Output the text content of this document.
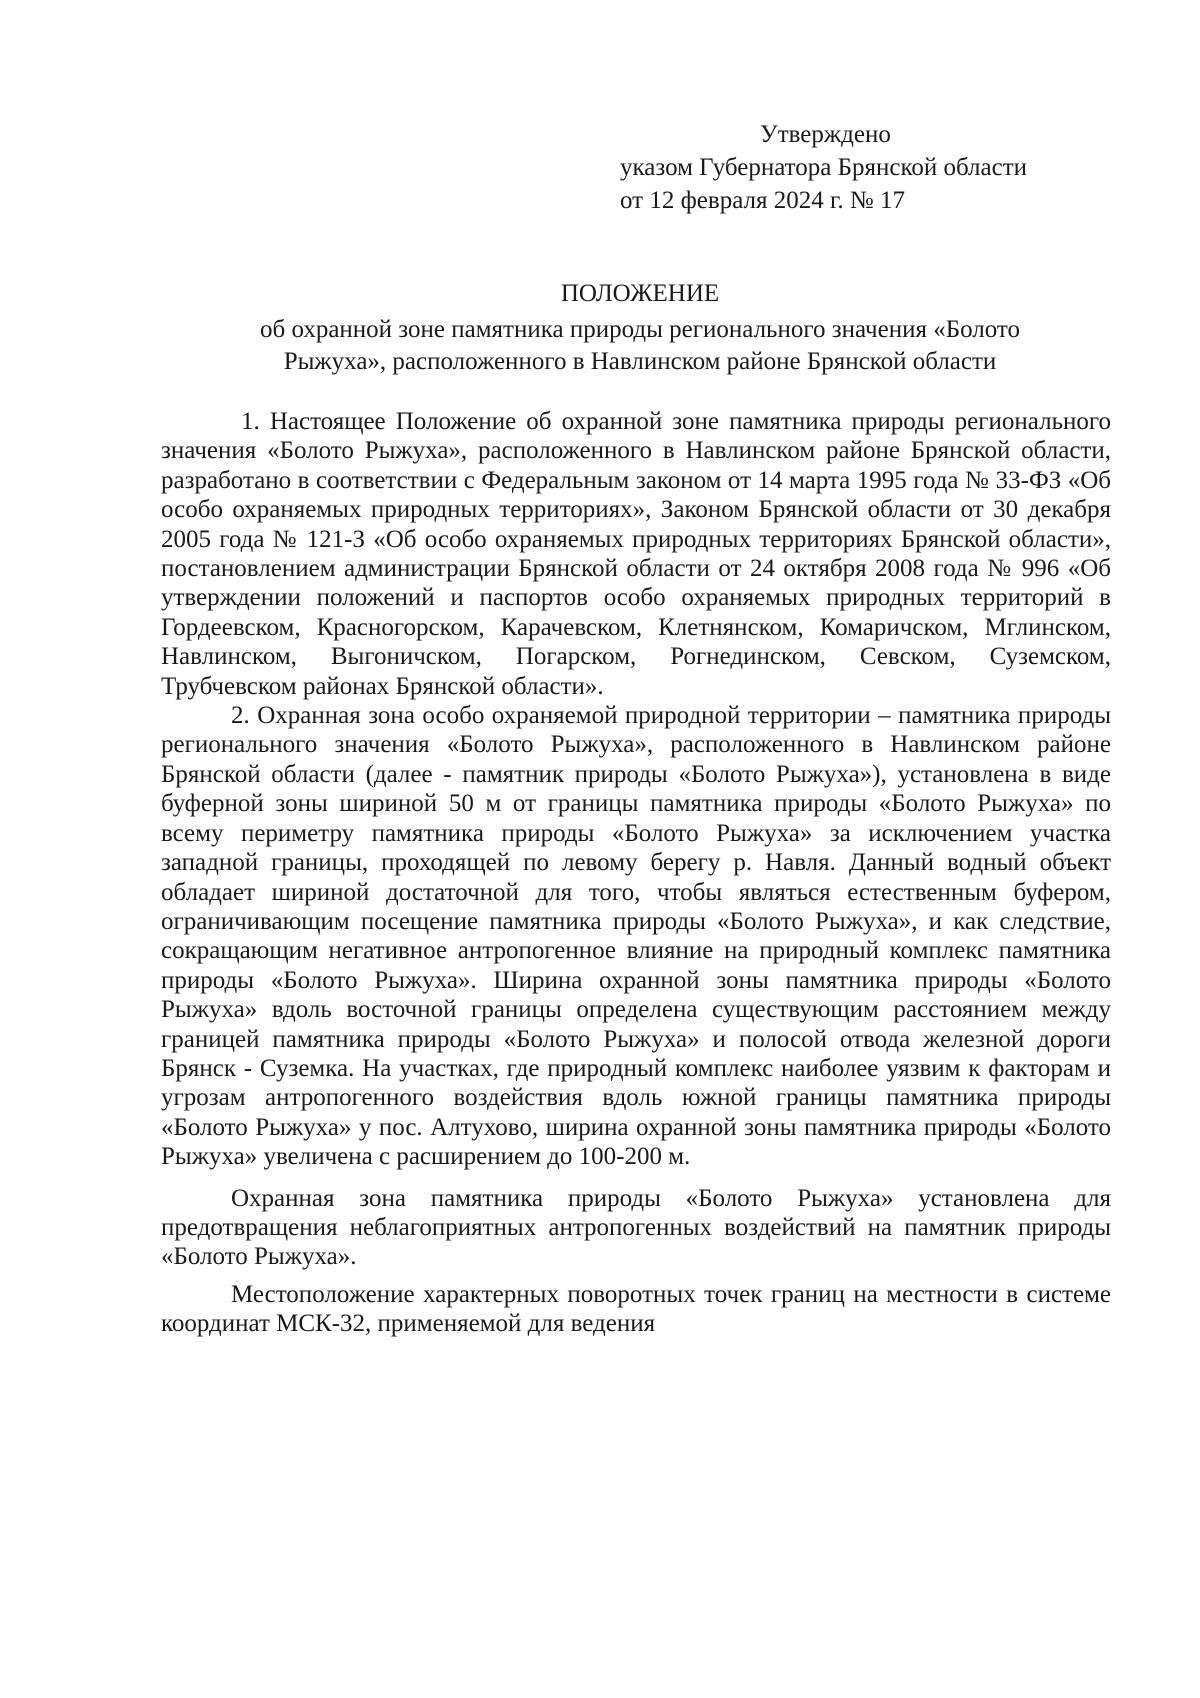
Утверждено
указом Губернатора Брянской области
от 12 февраля 2024 г. № 17
ПОЛОЖЕНИЕ
об охранной зоне памятника природы регионального значения «Болото
Рыжуха», расположенного в Навлинском районе Брянской области

1. Настоящее Положение об охранной зоне памятника природы регионального значения «Болото Рыжуха», расположенного в Навлинском районе Брянской области, разработано в соответствии с Федеральным законом от 14 марта 1995 года № 33-ФЗ «Об особо охраняемых природных территориях», Законом Брянской области от 30 декабря 2005 года № 121-З «Об особо охраняемых природных территориях Брянской области», постановлением администрации Брянской области от 24 октября 2008 года № 996 «Об утверждении положений и паспортов особо охраняемых природных территорий в Гордеевском, Красногорском, Карачевском, Клетнянском, Комаричском, Мглинском, Навлинском, Выгоничском, Погарском, Рогнединском, Севском, Суземском, Трубчевском районах Брянской области».

2. Охранная зона особо охраняемой природной территории – памятника природы регионального значения «Болото Рыжуха», расположенного в Навлинском районе Брянской области (далее - памятник природы «Болото Рыжуха»), установлена в виде буферной зоны шириной 50 м от границы памятника природы «Болото Рыжуха» по всему периметру памятника природы «Болото Рыжуха» за исключением участка западной границы, проходящей по левому берегу р. Навля. Данный водный объект обладает шириной достаточной для того, чтобы являться естественным буфером, ограничивающим посещение памятника природы «Болото Рыжуха», и как следствие, сокращающим негативное антропогенное влияние на природный комплекс памятника природы «Болото Рыжуха». Ширина охранной зоны памятника природы «Болото Рыжуха» вдоль восточной границы определена существующим расстоянием между границей памятника природы «Болото Рыжуха» и полосой отвода железной дороги Брянск - Суземка. На участках, где природный комплекс наиболее уязвим к факторам и угрозам антропогенного воздействия вдоль южной границы памятника природы «Болото Рыжуха» у пос. Алтухово, ширина охранной зоны памятника природы «Болото Рыжуха» увеличена с расширением до 100-200 м.

Охранная зона памятника природы «Болото Рыжуха» установлена для предотвращения неблагоприятных антропогенных воздействий на памятник природы «Болото Рыжуха».

Местоположение характерных поворотных точек границ на местности в системе координат МСК-32, применяемой для ведения
